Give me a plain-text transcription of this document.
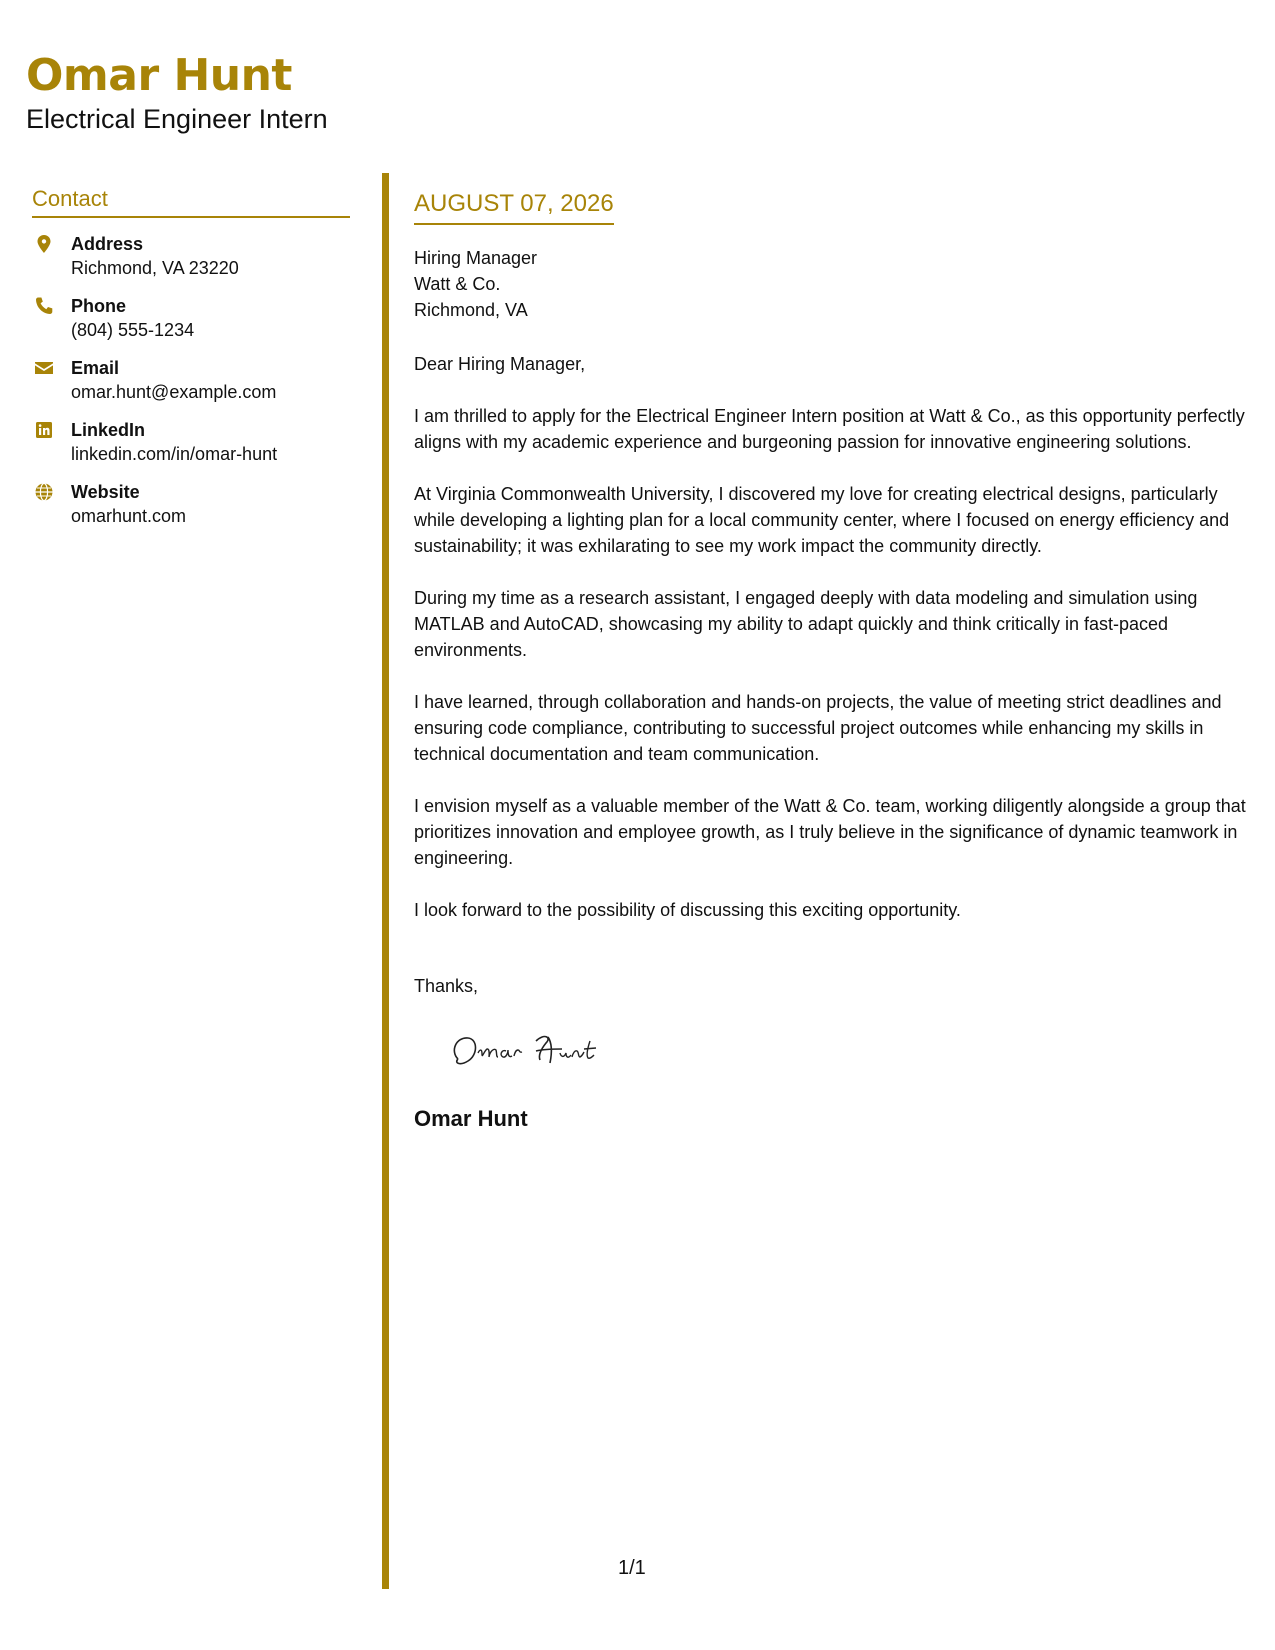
Omar Hunt
Electrical Engineer Intern
Contact
Address
Richmond, VA 23220
Phone
(804) 555-1234
Email
omar.hunt@example.com
LinkedIn
linkedin.com/in/omar-hunt
Website
omarhunt.com
AUGUST 07, 2026
Hiring Manager
Watt & Co.
Richmond, VA
Dear Hiring Manager,
I am thrilled to apply for the Electrical Engineer Intern position at Watt & Co., as this opportunity perfectly aligns with my academic experience and burgeoning passion for innovative engineering solutions.
At Virginia Commonwealth University, I discovered my love for creating electrical designs, particularly while developing a lighting plan for a local community center, where I focused on energy efficiency and sustainability; it was exhilarating to see my work impact the community directly.
During my time as a research assistant, I engaged deeply with data modeling and simulation using MATLAB and AutoCAD, showcasing my ability to adapt quickly and think critically in fast-paced environments.
I have learned, through collaboration and hands-on projects, the value of meeting strict deadlines and ensuring code compliance, contributing to successful project outcomes while enhancing my skills in technical documentation and team communication.
I envision myself as a valuable member of the Watt & Co. team, working diligently alongside a group that prioritizes innovation and employee growth, as I truly believe in the significance of dynamic teamwork in engineering.
I look forward to the possibility of discussing this exciting opportunity.
Thanks,
Omar Hunt
1/1
